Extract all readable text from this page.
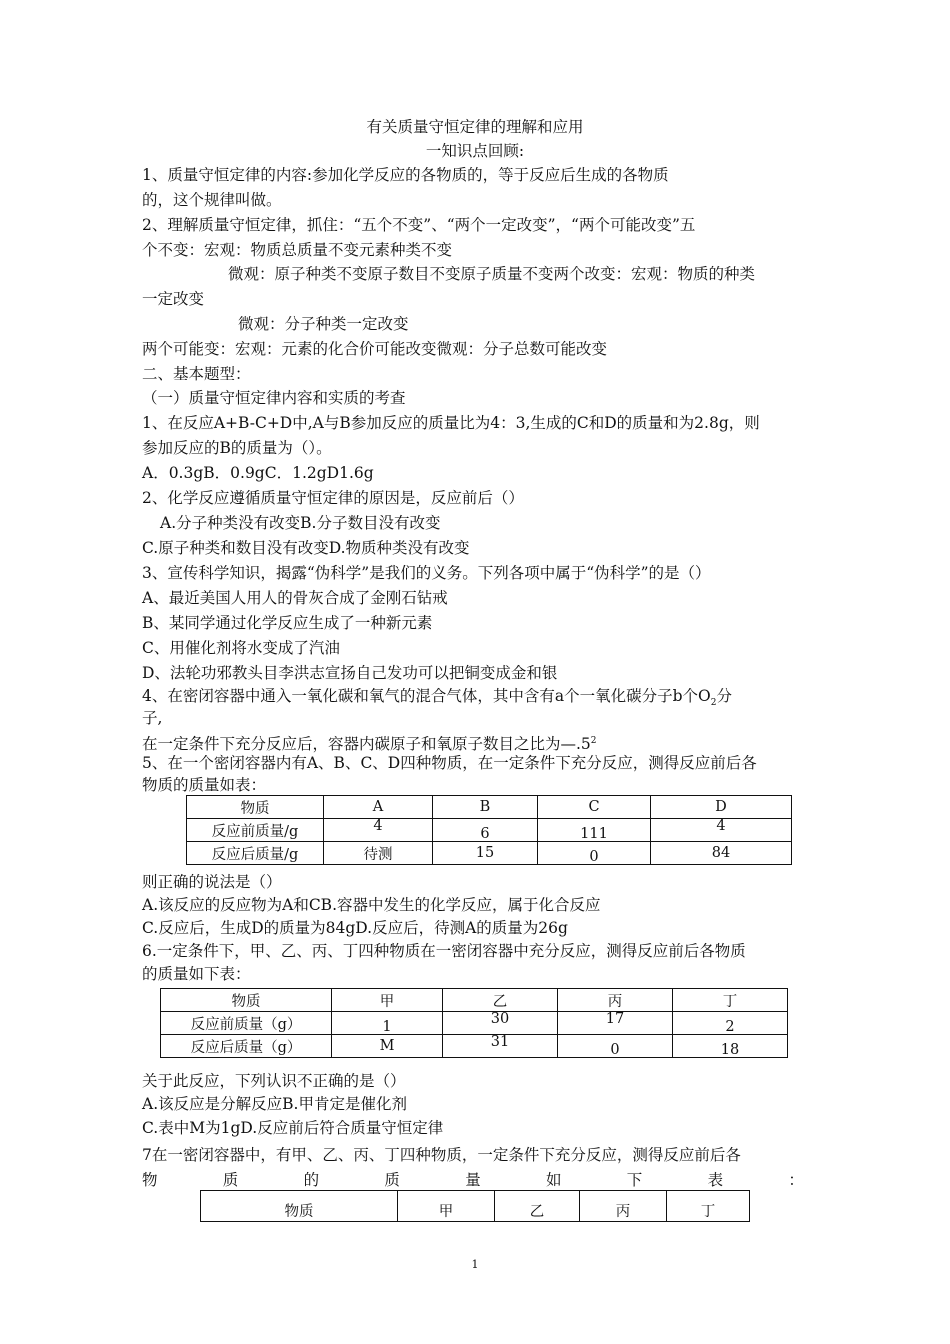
有关质量守恒定律的理解和应用
一知识点回顾:
1、质量守恒定律的内容:参加化学反应的各物质的，等于反应后生成的各物质
的，这个规律叫做。
2、理解质量守恒定律，抓住：“五个不变”、“两个一定改变”，“两个可能改变”五
个不变：宏观：物质总质量不变元素种类不变
微观：原子种类不变原子数目不变原子质量不变两个改变：宏观：物质的种类
一定改变
微观：分子种类一定改变
两个可能变：宏观：元素的化合价可能改变微观：分子总数可能改变
二、基本题型：
（一）质量守恒定律内容和实质的考查
1、在反应A+B-C+D中,A与B参加反应的质量比为4：3,生成的C和D的质量和为2.8g，则
参加反应的B的质量为（）。
A．0.3gB．0.9gC．1.2gD1.6g
2、化学反应遵循质量守恒定律的原因是，反应前后（）
A.分子种类没有改变B.分子数目没有改变
C.原子种类和数目没有改变D.物质种类没有改变
3、宣传科学知识，揭露“伪科学”是我们的义务。下列各项中属于“伪科学”的是（）
A、最近美国人用人的骨灰合成了金刚石钻戒
B、某同学通过化学反应生成了一种新元素
C、用催化剂将水变成了汽油
D、法轮功邪教头目李洪志宣扬自己发功可以把铜变成金和银
4、在密闭容器中通入一氧化碳和氧气的混合气体，其中含有a个一氧化碳分子b个$O_2$分
子,
在一定条件下充分反应后，容器内碳原子和氧原子数目之比为$—.5^2$
5、在一个密闭容器内有A、B、C、D四种物质，在一定条件下充分反应，测得反应前后各
物质的质量如表：
物质	A	B	C	D
反应前质量/g	4	6	111	4
反应后质量/g	待测	15	0	84
则正确的说法是（）
A.该反应的反应物为A和CB.容器中发生的化学反应，属于化合反应
C.反应后，生成D的质量为84gD.反应后，待测A的质量为26g
6.一定条件下，甲、乙、丙、丁四种物质在一密闭容器中充分反应，测得反应前后各物质
的质量如下表：
物质	甲	乙	丙	丁
反应前质量（g）	1	30	17	2
反应后质量（g）	M	31	0	18
关于此反应，下列认识不正确的是（）
A.该反应是分解反应B.甲肯定是催化剂
C.表中M为1gD.反应前后符合质量守恒定律
7在一密闭容器中，有甲、乙、丙、丁四种物质，一定条件下充分反应，测得反应前后各
物	质	的	质	量	如	下	表	：
物质	甲	乙	丙	丁
1
